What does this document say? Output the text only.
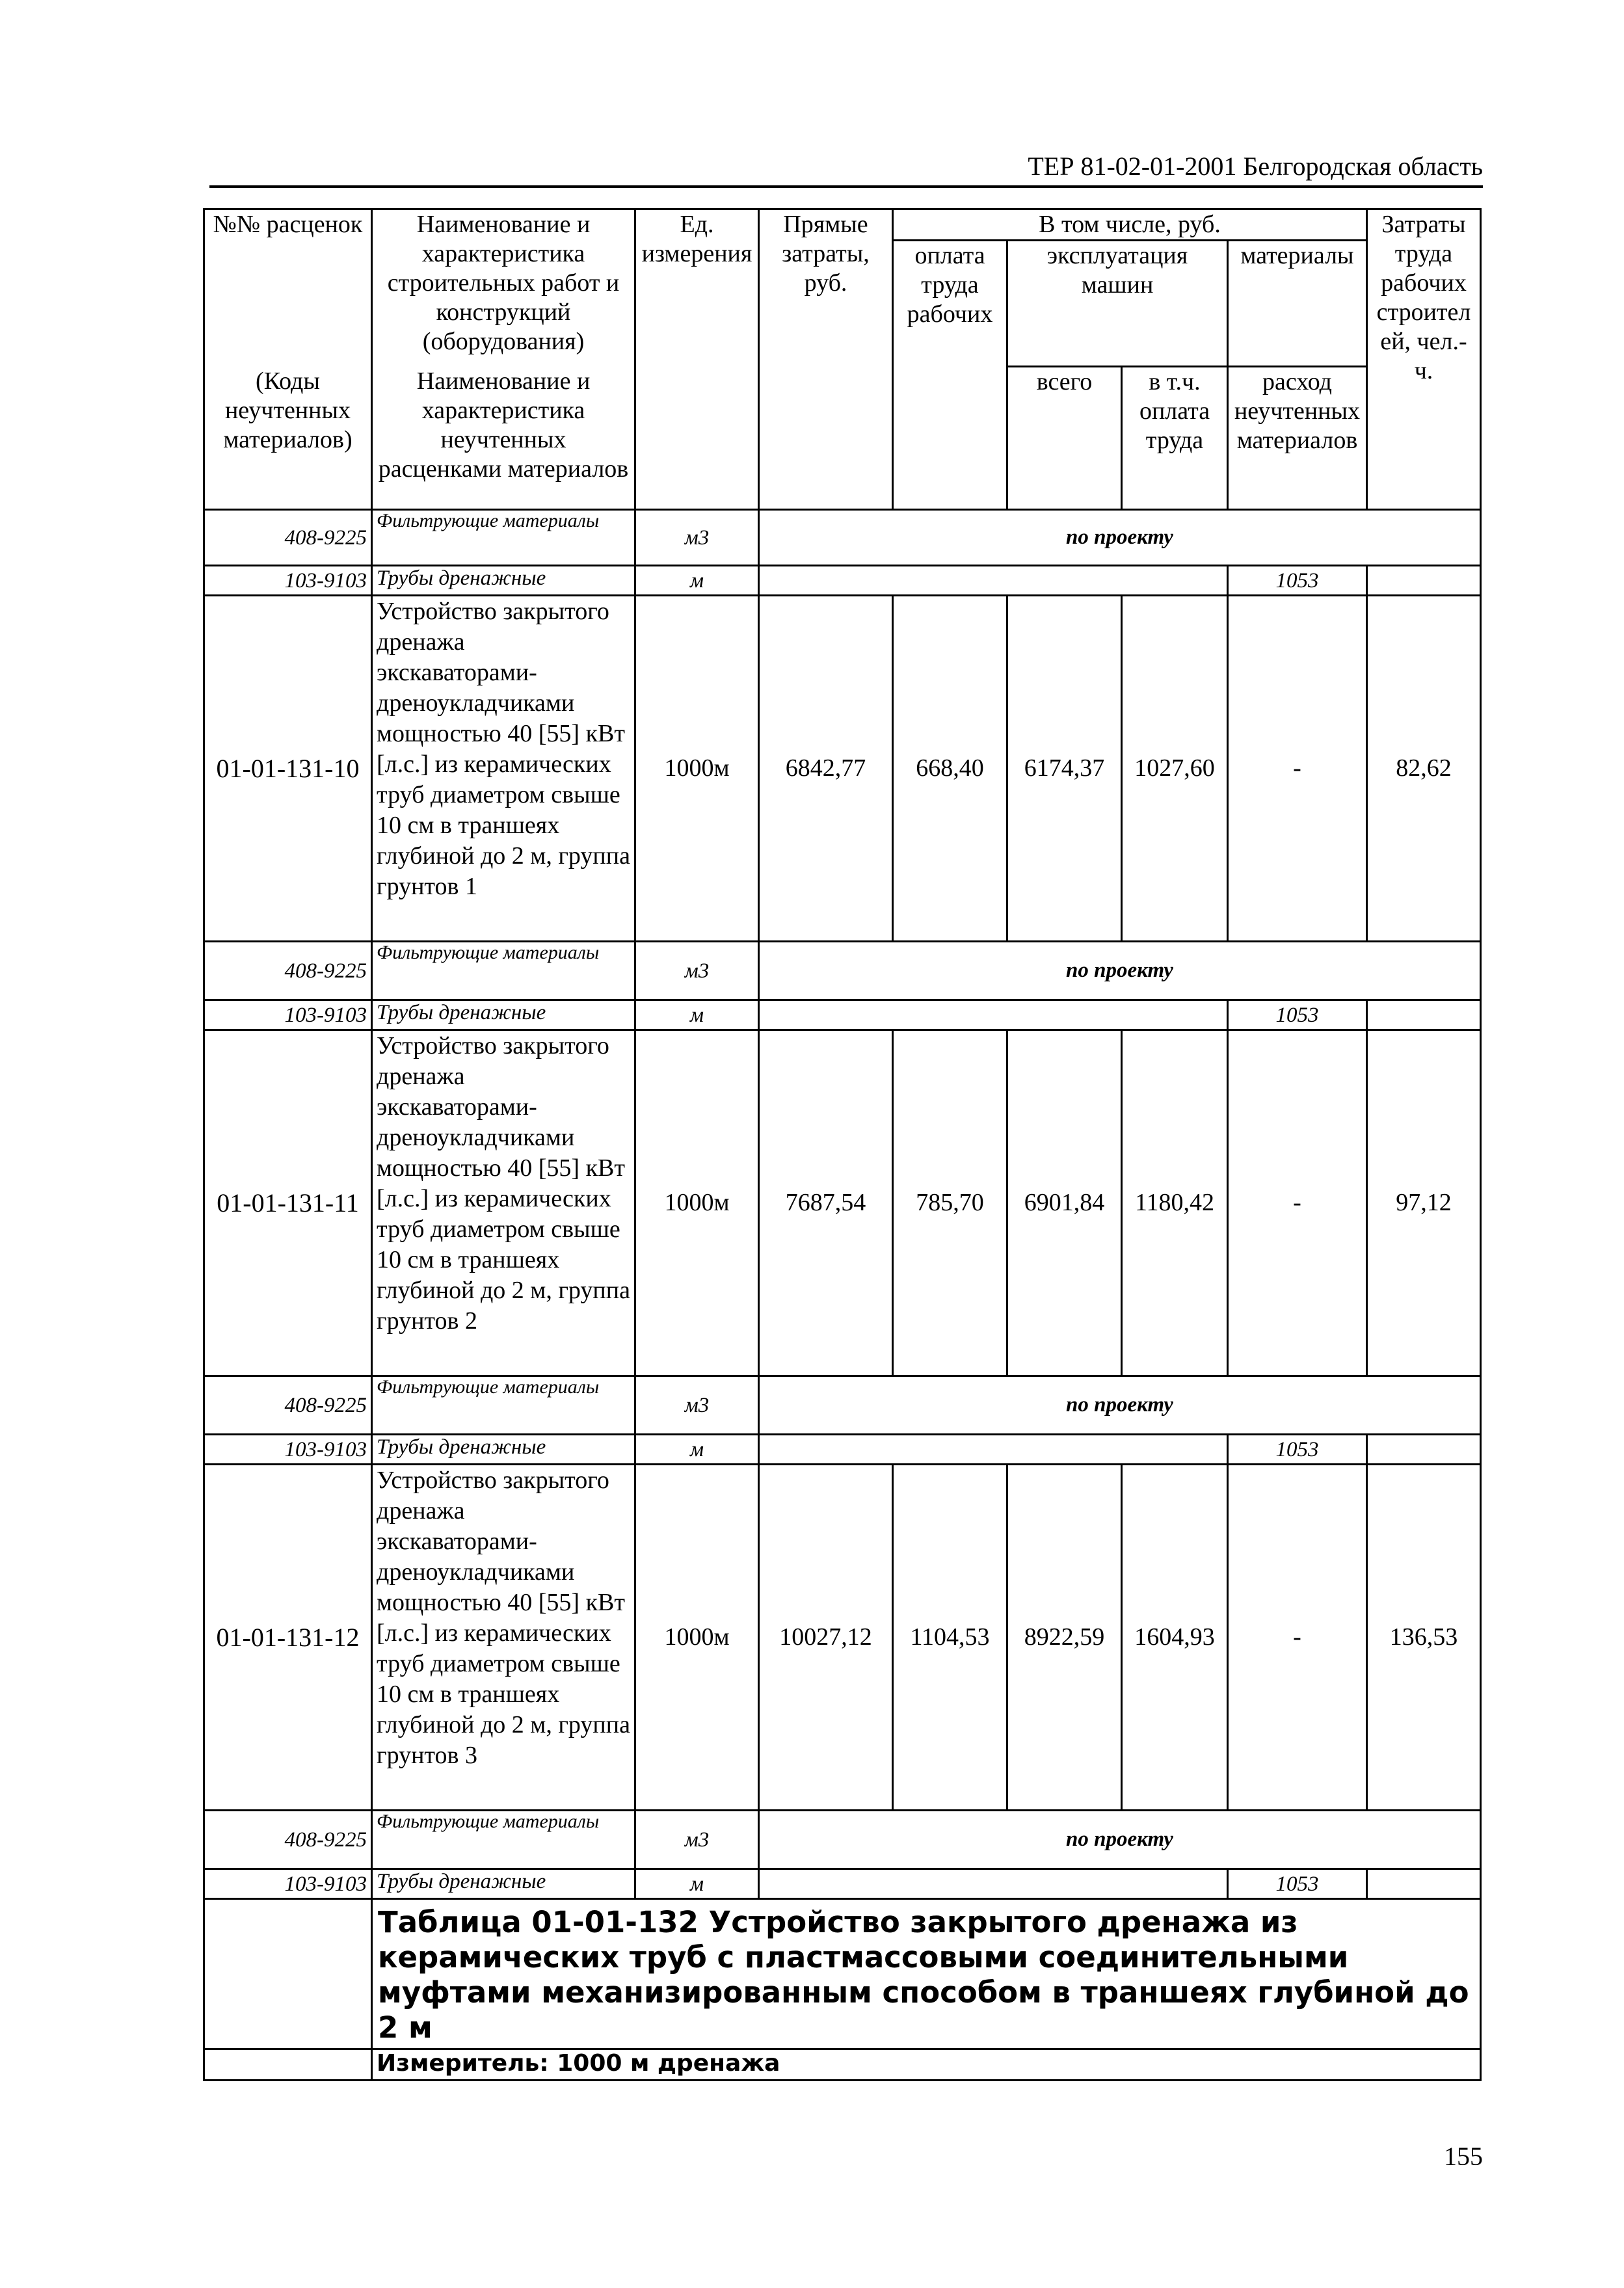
ТЕР 81-02-01-2001 Белгородская область
№№ расценок	Наименование и характеристика строительных работ и конструкций (оборудования)	Ед. измерения	Прямые затраты, руб.	В том числе, руб.				Затраты труда рабочих строителей, чел.-ч.
				оплата труда рабочих	эксплуатация машин		материалы	

(Коды неучтенных материалов)	Наименование и характеристика неучтенных расценками материалов				всего	в т.ч. оплата труда	расход неучтенных материалов	
408-9225	Фильтрующие материалы	м3	по проекту					
103-9103	Трубы дренажные	м					1053	
01-01-131-10	Устройство закрытого дренажа экскаваторами-дреноукладчиками мощностью 40 [55] кВт [л.с.] из керамических труб диаметром свыше 10 см в траншеях глубиной до 2 м, группа грунтов 1	1000м	6842,77	668,40	6174,37	1027,60	-	82,62
408-9225	Фильтрующие материалы	м3	по проекту					
103-9103	Трубы дренажные	м					1053	
01-01-131-11	Устройство закрытого дренажа экскаваторами-дреноукладчиками мощностью 40 [55] кВт [л.с.] из керамических труб диаметром свыше 10 см в траншеях глубиной до 2 м, группа грунтов 2	1000м	7687,54	785,70	6901,84	1180,42	-	97,12
408-9225	Фильтрующие материалы	м3	по проекту					
103-9103	Трубы дренажные	м					1053	
01-01-131-12	Устройство закрытого дренажа экскаваторами-дреноукладчиками мощностью 40 [55] кВт [л.с.] из керамических труб диаметром свыше 10 см в траншеях глубиной до 2 м, группа грунтов 3	1000м	10027,12	1104,53	8922,59	1604,93	-	136,53
408-9225	Фильтрующие материалы	м3	по проекту					
103-9103	Трубы дренажные	м					1053	
	Таблица 01-01-132 Устройство закрытого дренажа из керамических труб с пластмассовыми соединительными муфтами механизированным способом в траншеях глубиной до 2 м							
	Измеритель: 1000 м дренажа							
155
